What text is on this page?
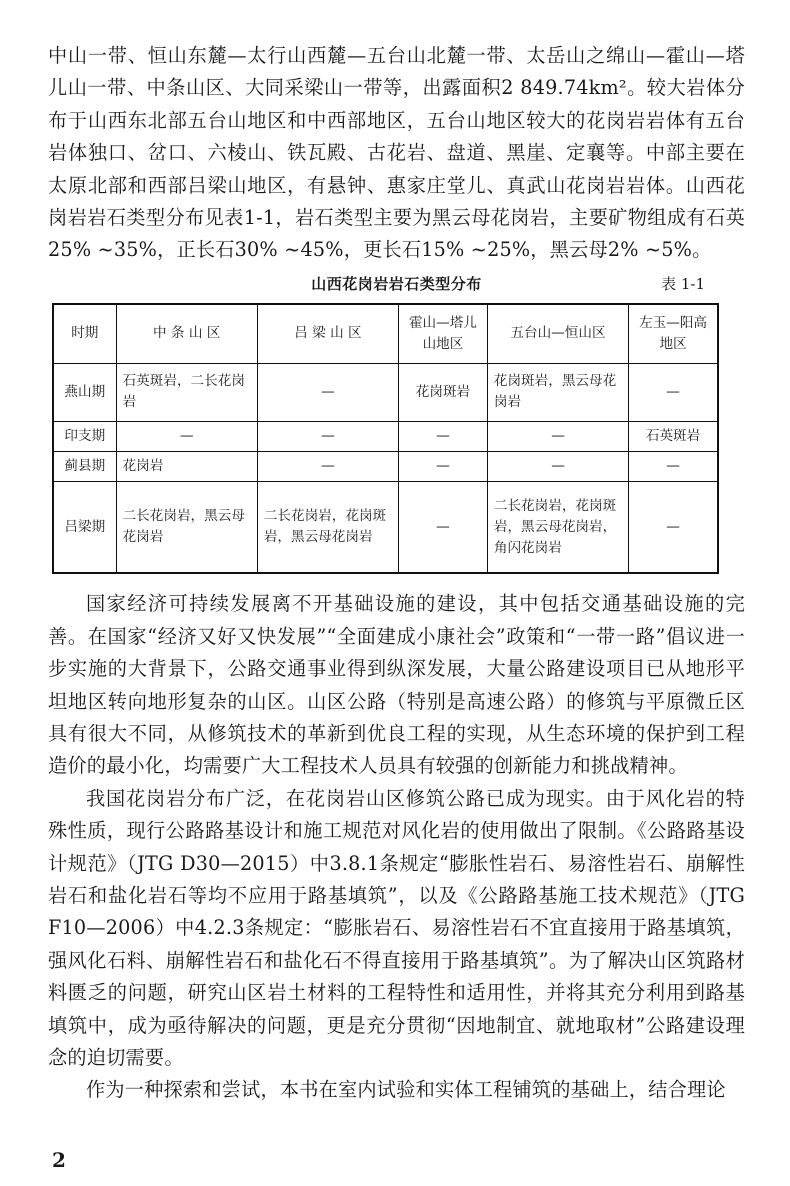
中山一带、恒山东麓—太行山西麓—五台山北麓一带、太岳山之绵山—霍山—塔儿山一带、中条山区、大同采梁山一带等，出露面积2 849.74km²。较大岩体分布于山西东北部五台山地区和中西部地区，五台山地区较大的花岗岩岩体有五台岩体独口、岔口、六棱山、铁瓦殿、古花岩、盘道、黑崖、定襄等。中部主要在太原北部和西部吕梁山地区，有悬钟、惠家庄堂儿、真武山花岗岩岩体。山西花岗岩岩石类型分布见表1-1，岩石类型主要为黑云母花岗岩，主要矿物组成有石英25% ~35%，正长石30% ~45%，更长石15% ~25%，黑云母2% ~5%。

山西花岗岩岩石类型分布	表 1-1
时期	中 条 山 区	吕 梁 山 区	霍山—塔儿山地区	五台山—恒山区	左玉—阳高地区
燕山期	石英斑岩，二长花岗岩	—	花岗斑岩	花岗斑岩，黑云母花岗岩	—
印支期	—	—	—	—	石英斑岩
蓟县期	花岗岩	—	—	—	—
吕梁期	二长花岗岩，黑云母花岗岩	二长花岗岩，花岗斑岩，黑云母花岗岩	—	二长花岗岩，花岗斑岩，黑云母花岗岩，角闪花岗岩	—

国家经济可持续发展离不开基础设施的建设，其中包括交通基础设施的完善。在国家“经济又好又快发展”“全面建成小康社会”政策和“一带一路”倡议进一步实施的大背景下，公路交通事业得到纵深发展，大量公路建设项目已从地形平坦地区转向地形复杂的山区。山区公路（特别是高速公路）的修筑与平原微丘区具有很大不同，从修筑技术的革新到优良工程的实现，从生态环境的保护到工程造价的最小化，均需要广大工程技术人员具有较强的创新能力和挑战精神。

我国花岗岩分布广泛，在花岗岩山区修筑公路已成为现实。由于风化岩的特殊性质，现行公路路基设计和施工规范对风化岩的使用做出了限制。《公路路基设计规范》（JTG D30—2015）中3.8.1条规定“膨胀性岩石、易溶性岩石、崩解性岩石和盐化岩石等均不应用于路基填筑”，以及《公路路基施工技术规范》（JTG F10—2006）中4.2.3条规定：“膨胀岩石、易溶性岩石不宜直接用于路基填筑，强风化石料、崩解性岩石和盐化石不得直接用于路基填筑”。为了解决山区筑路材料匮乏的问题，研究山区岩土材料的工程特性和适用性，并将其充分利用到路基填筑中，成为亟待解决的问题，更是充分贯彻“因地制宜、就地取材”公路建设理念的迫切需要。

作为一种探索和尝试，本书在室内试验和实体工程铺筑的基础上，结合理论

2
